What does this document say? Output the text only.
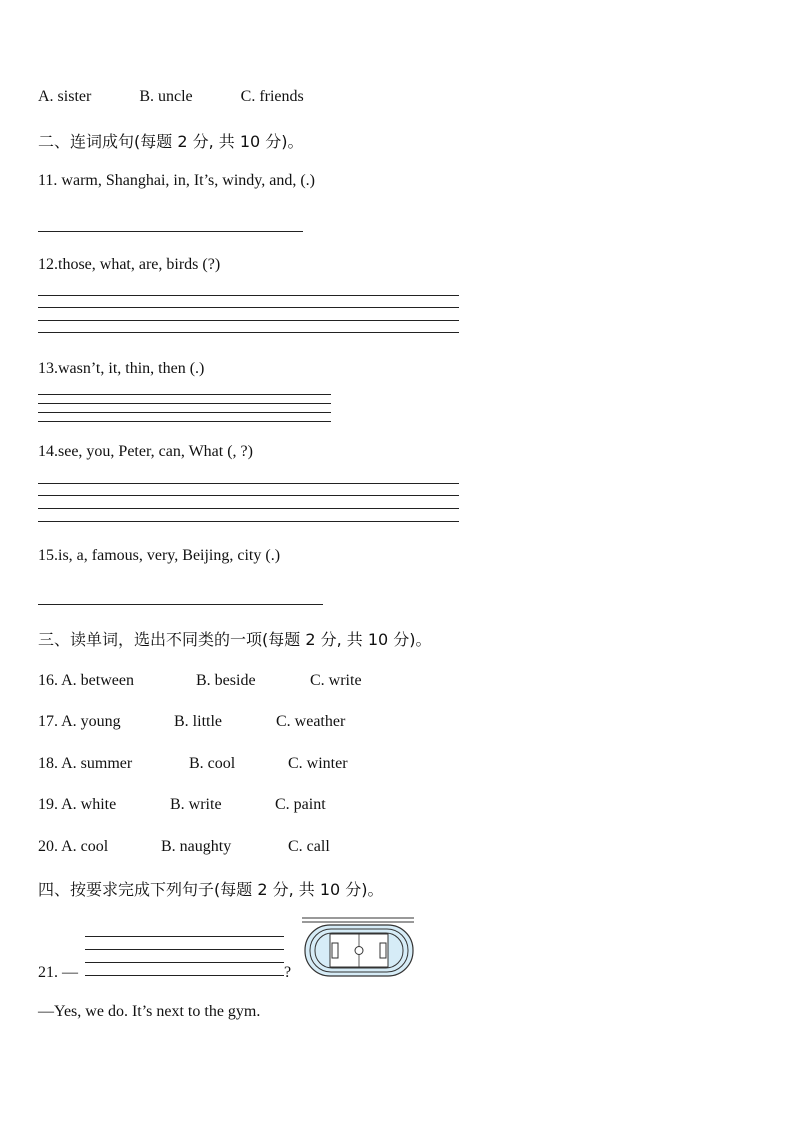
A. sister	B. uncle	C. friends
二、连词成句(每题 2 分, 共 10 分)。
11. warm, Shanghai, in, It’s, windy, and, (.)
12.those, what, are, birds (?)
13.wasn’t, it, thin, then (.)
14.see, you, Peter, can, What (, ?)
15.is, a, famous, very, Beijing, city (.)
三、读单词，选出不同类的一项(每题 2 分, 共 10 分)。
16. A. between	B. beside	C. write
17. A. young	B. little	C. weather
18. A. summer	B. cool	C. winter
19. A. white	B. write	C. paint
20. A. cool	B. naughty	C. call
四、按要求完成下列句子(每题 2 分, 共 10 分)。
21. —	?
—Yes, we do. It’s next to the gym.
